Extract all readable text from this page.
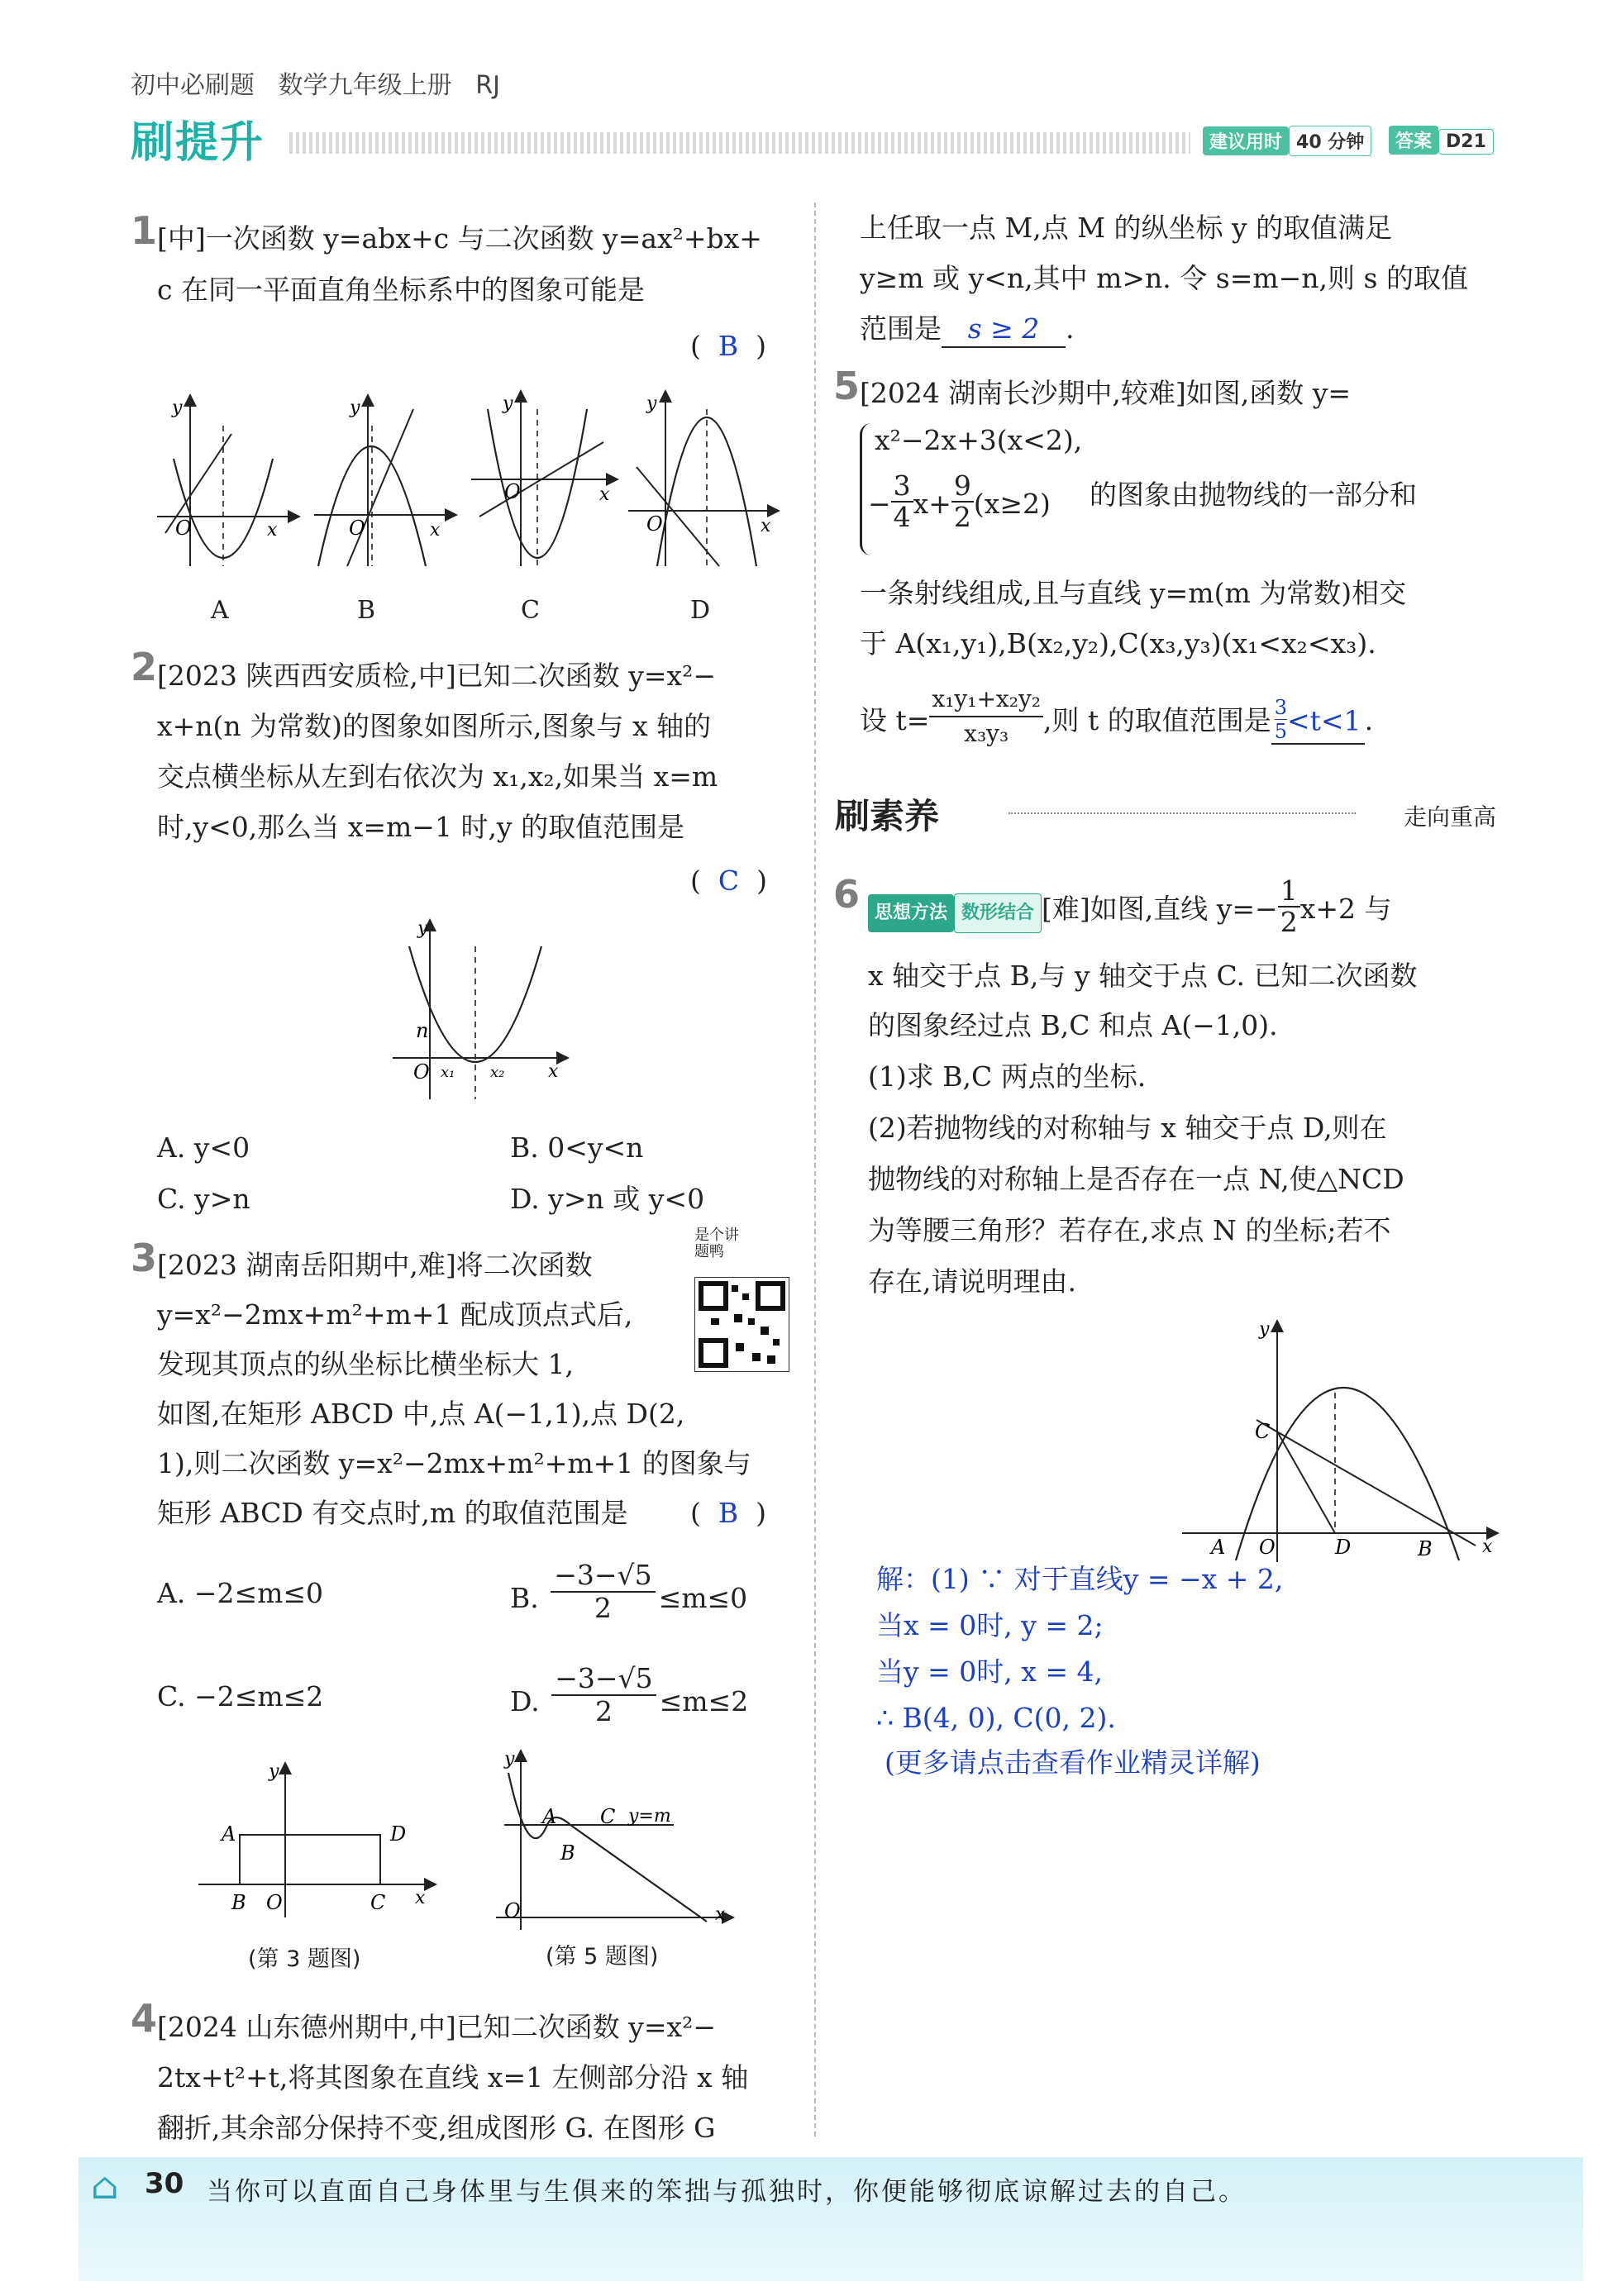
初中必刷题 数学九年级上册 RJ
刷提升	建议用时 40 分钟	答案 D21
1 [中]一次函数 y=abx+c 与二次函数 y=ax²+bx+
c 在同一平面直角坐标系中的图象可能是
(  B  )
O	x
y
O	x
y
O	x
y
O	x
y
A	B	C	D
2 [2023 陕西西安质检,中]已知二次函数 y=x²−
x+n(n 为常数)的图象如图所示,图象与 x 轴的
交点横坐标从左到右依次为 x₁,x₂,如果当 x=m
时,y<0,那么当 x=m−1 时,y 的取值范围是
(  C  )
O
n
x₁ x₂ x
y
A. y<0	B. 0<y<n
C. y>n	D. y>n 或 y<0
3 [2023 湖南岳阳期中,难]将二次函数
y=x²−2mx+m²+m+1 配成顶点式后,
发现其顶点的纵坐标比横坐标大 1,
如图,在矩形 ABCD 中,点 A(−1,1),点 D(2,
1),则二次函数 y=x²−2mx+m²+m+1 的图象与
矩形 ABCD 有交点时,m 的取值范围是 (  B  )
是个讲题鸭
A. −2≤m≤0	B. $\frac{-3-√5}{2} \le m\le 0$
C. −2≤m≤2	D. $\frac{-3-√5}{2} \le m\le 2$
A	D
B O	C x
y
(第 3 题图)
A
B
C y=m
O	x
y
(第 5 题图)
4 [2024 山东德州期中,中]已知二次函数 y=x²−
2tx+t²+t,将其图象在直线 x=1 左侧部分沿 x 轴
翻折,其余部分保持不变,组成图形 G. 在图形 G
上任取一点 M,点 M 的纵坐标 y 的取值满足
y≥m 或 y<n,其中 m>n. 令 s=m−n,则 s 的取值
范围是 s ≥ 2 .
5 [2024 湖南长沙期中,较难]如图,函数 y=
x²−2x+3(x<2),
− $\frac{3}{4} x+ \frac{9}{2} (x\ge 2)$ 的图象由抛物线的一部分和
一条射线组成,且与直线 y=m(m 为常数)相交
于 A(x₁,y₁),B(x₂,y₂),C(x₃,y₃)(x₁<x₂<x₃).
设 $t= \frac{\text{x₁y₁+x₂y₂}}{\text{x₃y₃}}$ ,则 t 的取值范围是 $\frac{3}{5} <t<1$ .
刷素养	走向重高
6 思想方法 数形结合 [难]如图,直线 $y=- \frac{1}{2} x+2$ 与
x 轴交于点 B,与 y 轴交于点 C. 已知二次函数
的图象经过点 B,C 和点 A(−1,0).
(1)求 B,C 两点的坐标.
(2)若抛物线的对称轴与 x 轴交于点 D,则在
抛物线的对称轴上是否存在一点 N,使△NCD
为等腰三角形？若存在,求点 N 的坐标;若不
存在,请说明理由.
C
A O	D	B	x
y
解：(1) ∵ 对于直线y = −x + 2,
当x = 0时, y = 2;
当y = 0时, x = 4,
∴ B(4, 0), C(0, 2).
(更多请点击查看作业精灵详解)
⌂ 30 当你可以直面自己身体里与生俱来的笨拙与孤独时，你便能够彻底谅解过去的自己。
